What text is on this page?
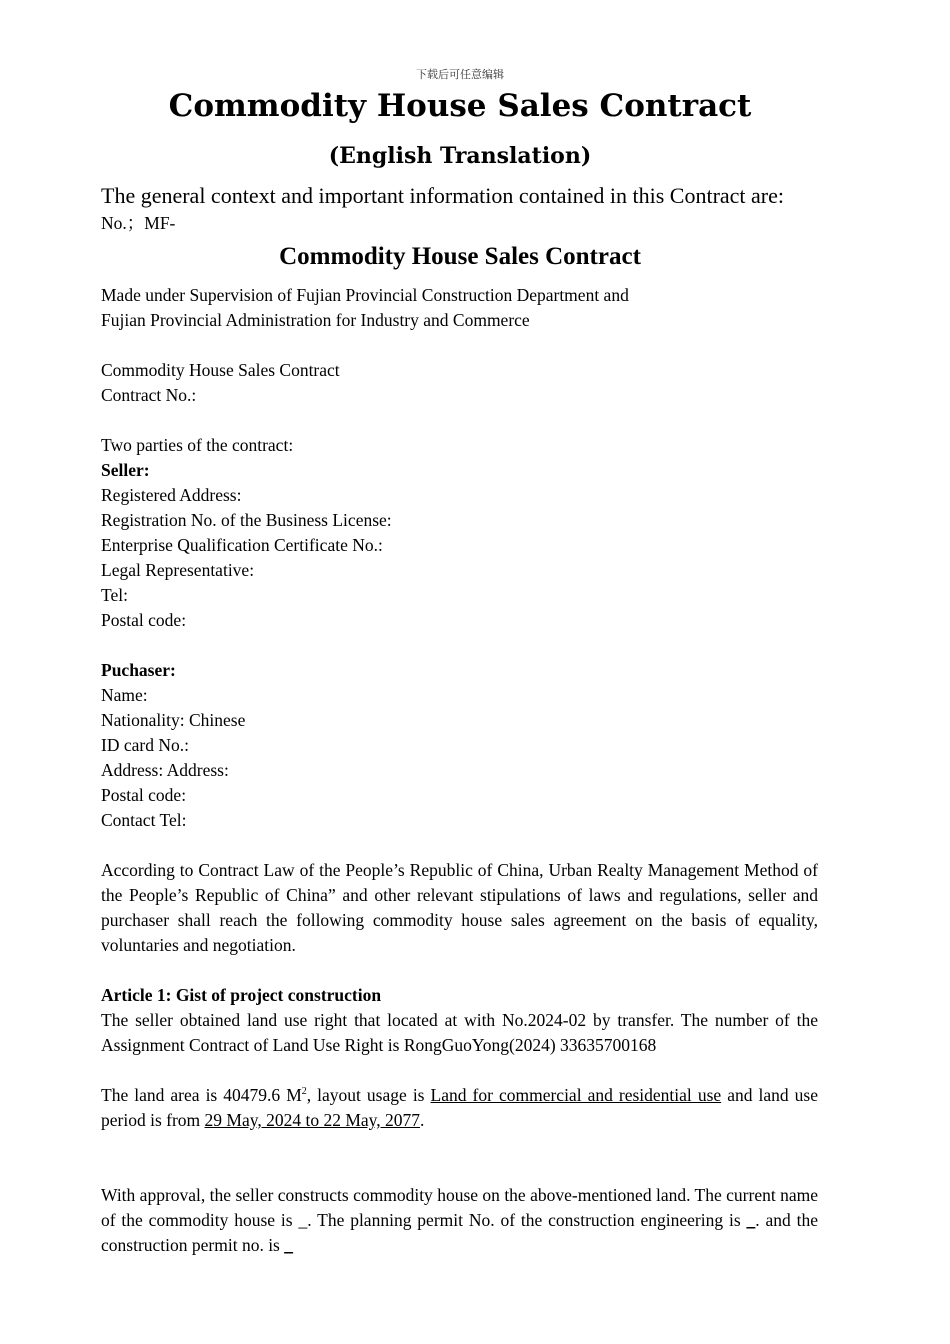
下载后可任意编辑
Commodity House Sales Contract
(English Translation)

The general context and important information contained in this Contract are:

No.；MF-

Commodity House Sales Contract

Made under Supervision of Fujian Provincial Construction Department and

Fujian Provincial Administration for Industry and Commerce

Commodity House Sales Contract

Contract No.:

Two parties of the contract:

Seller:

Registered Address:

Registration No. of the Business License:

Enterprise Qualification Certificate No.:

Legal Representative:

Tel:

Postal code:

Puchaser:

Name:

Nationality: Chinese

ID card No.:

Address: Address:

Postal code:

Contact Tel:

According to Contract Law of the People’s Republic of China, Urban Realty Management Method of the People’s Republic of China” and other relevant stipulations of laws and regulations, seller and purchaser shall reach the following commodity house sales agreement on the basis of equality, voluntaries and negotiation.

Article 1: Gist of project construction

The seller obtained land use right that located at with No.2024-02 by transfer. The number of the Assignment Contract of Land Use Right is RongGuoYong(2024) 33635700168

The land area is 40479.6 $M^2$, layout usage is Land for commercial and residential use and land use period is from 29 May, 2024 to 22 May, 2077.

With approval, the seller constructs commodity house on the above-mentioned land. The current name of the commodity house is _. The planning permit No. of the construction engineering is _. and the construction permit no. is _
